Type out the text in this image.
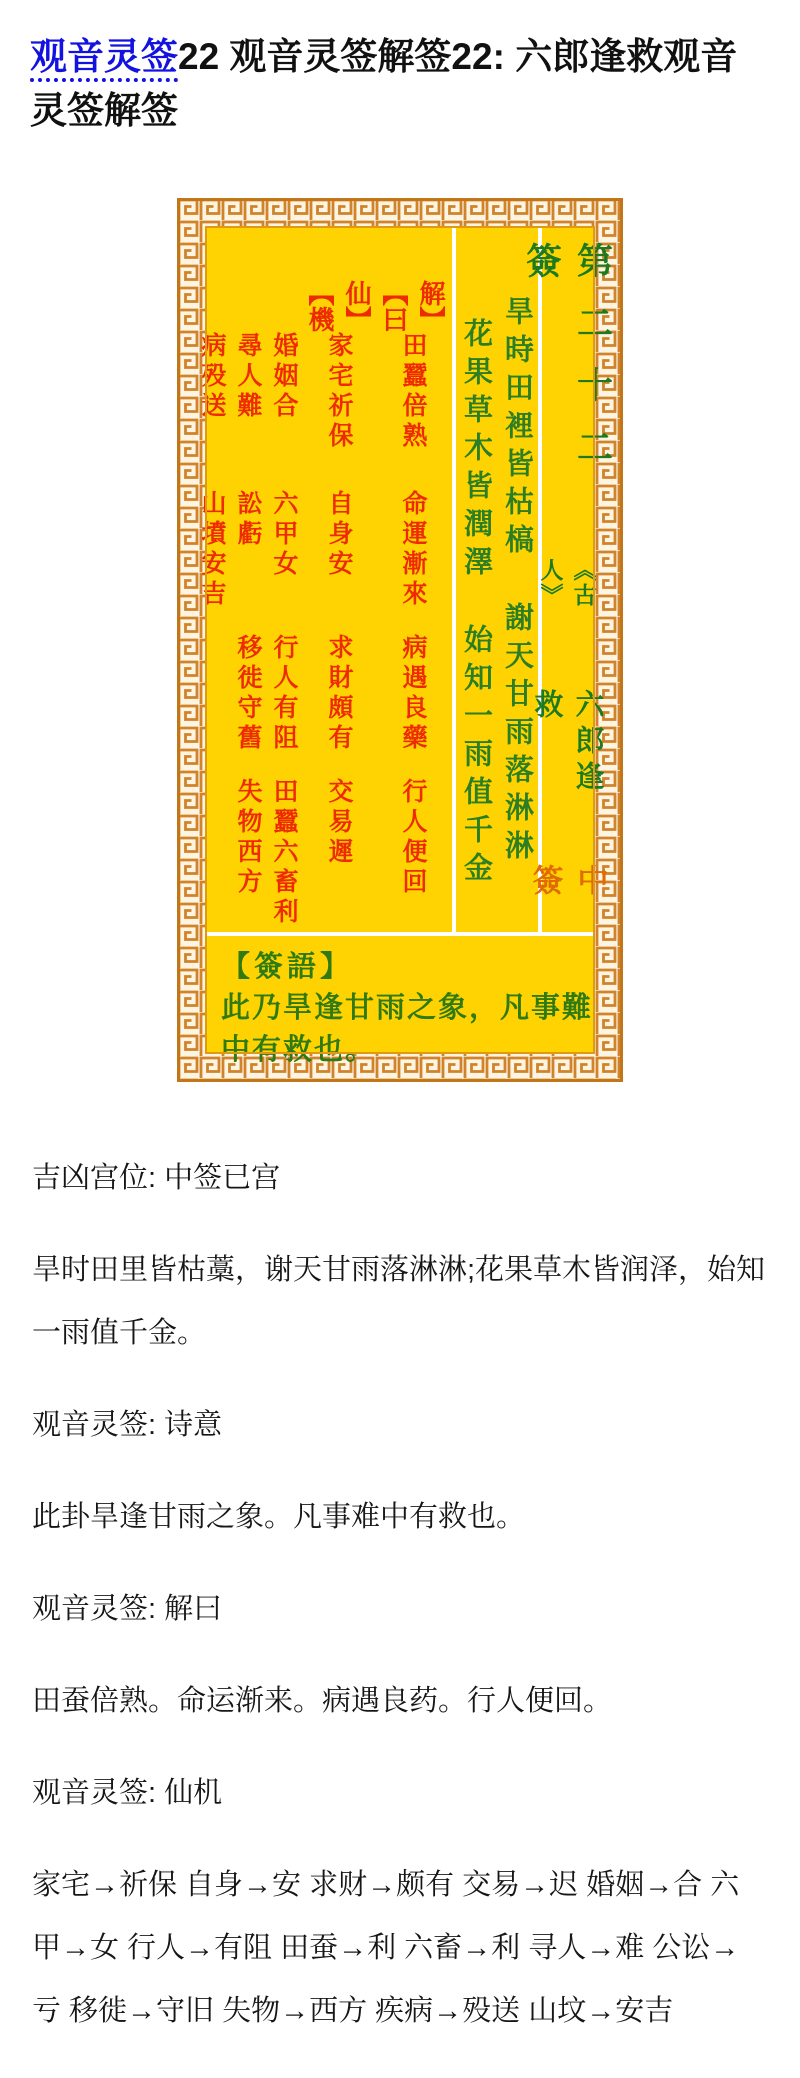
观音灵签22 观音灵签解签22: 六郎逢救观音灵签解签
第二十二簽
《古人》
六郎逢救
中簽
旱時田裡皆枯槁
謝天甘雨落淋淋
花果草木皆潤澤
始知一雨值千金
【解曰】
【仙機】
田蠶倍熟
命運漸來
病遇良藥
行人便回
家宅祈保
自身安
求財頗有
交易遲
婚姻合
六甲女
行人有阻
田蠶六畜利
尋人難
訟虧
移徙守舊
失物西方
病殁送
山墳安吉
【簽語】
此乃旱逢甘雨之象，凡事難中有救也。

吉凶宫位: 中签已宫

旱时田里皆枯藁，谢天甘雨落淋淋;花果草木皆润泽，始知一雨值千金。

观音灵签: 诗意

此卦旱逢甘雨之象。凡事难中有救也。

观音灵签: 解曰

田蚕倍熟。命运渐来。病遇良药。行人便回。

观音灵签: 仙机

家宅→祈保 自身→安 求财→颇有 交易→迟 婚姻→合 六甲→女 行人→有阻 田蚕→利 六畜→利 寻人→难 公讼→亏 移徙→守旧 失物→西方 疾病→殁送 山坟→安吉
